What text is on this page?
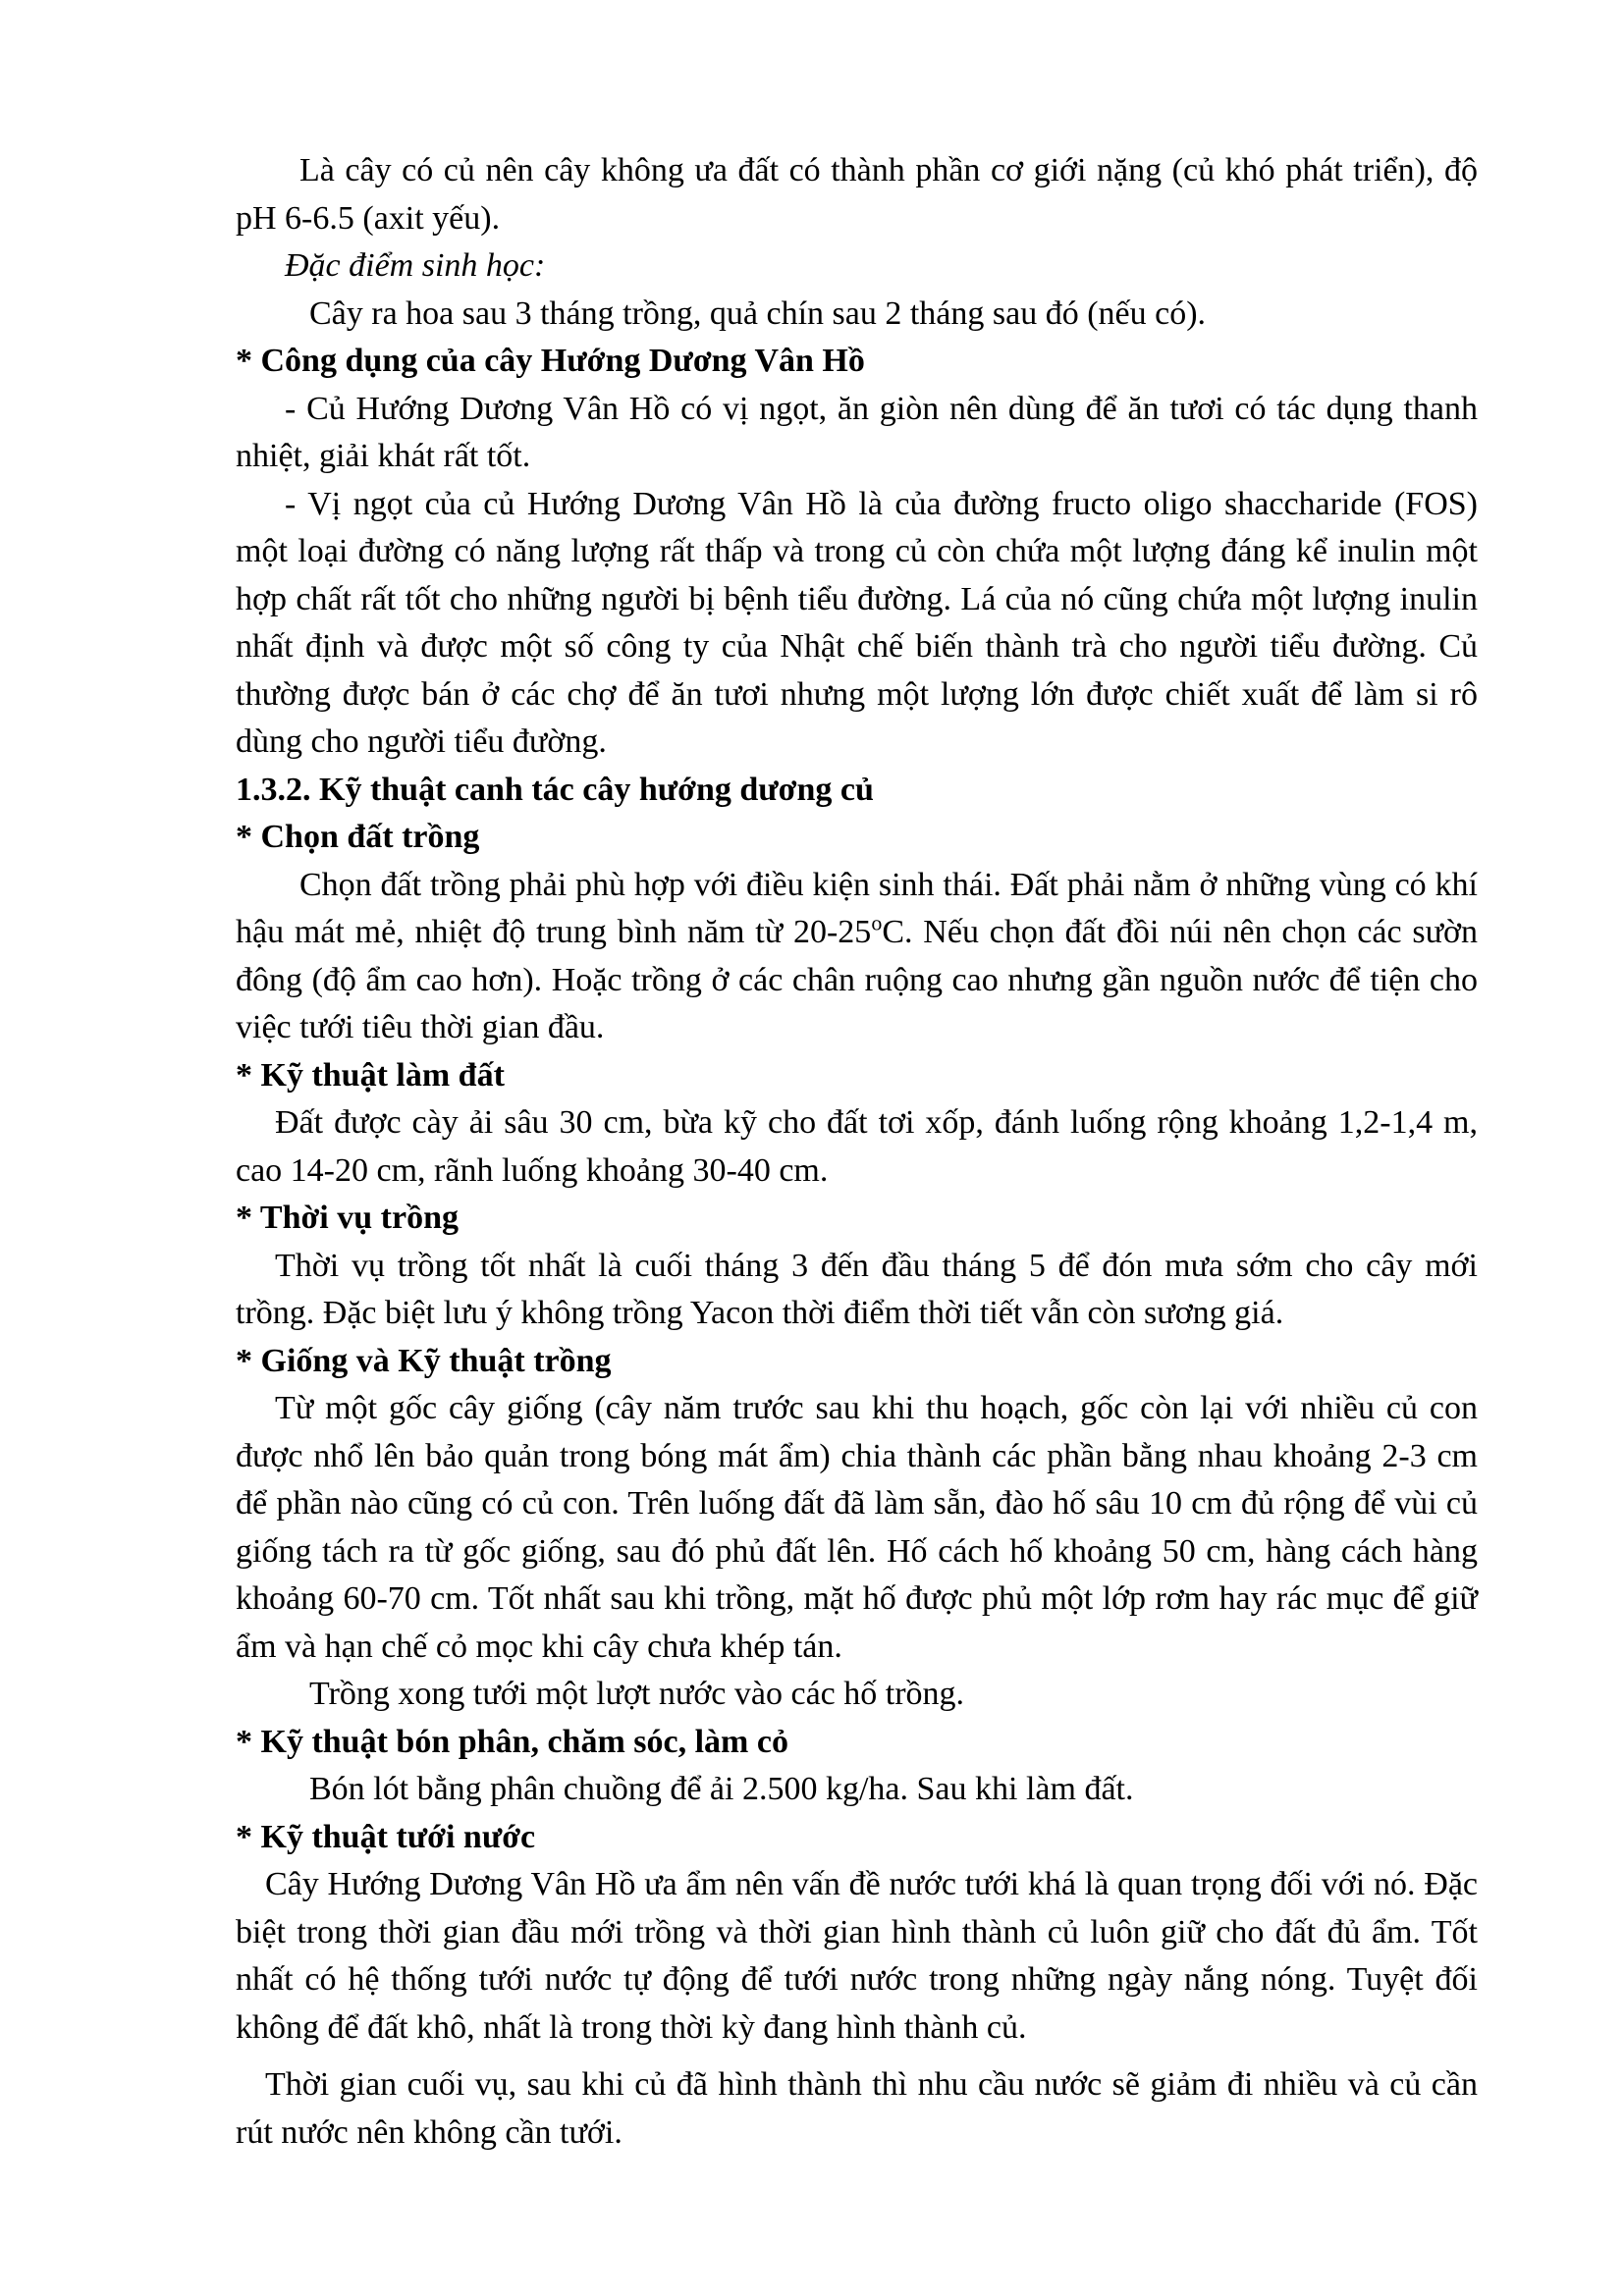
Là cây có củ nên cây không ưa đất có thành phần cơ giới nặng (củ khó phát triển), độ pH 6-6.5 (axit yếu).

Đặc điểm sinh học:

Cây ra hoa sau 3 tháng trồng, quả chín sau 2 tháng sau đó (nếu có).

* Công dụng của cây Hướng Dương Vân Hồ

- Củ Hướng Dương Vân Hồ có vị ngọt, ăn giòn nên dùng để ăn tươi có tác dụng thanh nhiệt, giải khát rất tốt.

- Vị ngọt của củ Hướng Dương Vân Hồ là của đường fructo oligo shaccharide (FOS) một loại đường có năng lượng rất thấp và trong củ còn chứa một lượng đáng kể inulin một hợp chất rất tốt cho những người bị bệnh tiểu đường. Lá của nó cũng chứa một lượng inulin nhất định và được một số công ty của Nhật chế biến thành trà cho người tiểu đường. Củ thường được bán ở các chợ để ăn tươi nhưng một lượng lớn được chiết xuất để làm si rô dùng cho người tiểu đường.

1.3.2. Kỹ thuật canh tác cây hướng dương củ

* Chọn đất trồng

Chọn đất trồng phải phù hợp với điều kiện sinh thái. Đất phải nằm ở những vùng có khí hậu mát mẻ, nhiệt độ trung bình năm từ 20-25$^o$C. Nếu chọn đất đồi núi nên chọn các sườn đông (độ ẩm cao hơn). Hoặc trồng ở các chân ruộng cao nhưng gần nguồn nước để tiện cho việc tưới tiêu thời gian đầu.

* Kỹ thuật làm đất

Đất được cày ải sâu 30 cm, bừa kỹ cho đất tơi xốp, đánh luống rộng khoảng 1,2-1,4 m, cao 14-20 cm, rãnh luống khoảng 30-40 cm.

* Thời vụ trồng

Thời vụ trồng tốt nhất là cuối tháng 3 đến đầu tháng 5 để đón mưa sớm cho cây mới trồng. Đặc biệt lưu ý không trồng Yacon thời điểm thời tiết vẫn còn sương giá.

* Giống và Kỹ thuật trồng

Từ một gốc cây giống (cây năm trước sau khi thu hoạch, gốc còn lại với nhiều củ con được nhổ lên bảo quản trong bóng mát ẩm) chia thành các phần bằng nhau khoảng 2-3 cm để phần nào cũng có củ con. Trên luống đất đã làm sẵn, đào hố sâu 10 cm đủ rộng để vùi củ giống tách ra từ gốc giống, sau đó phủ đất lên. Hố cách hố khoảng 50 cm, hàng cách hàng khoảng 60-70 cm. Tốt nhất sau khi trồng, mặt hố được phủ một lớp rơm hay rác mục để giữ ẩm và hạn chế cỏ mọc khi cây chưa khép tán.

Trồng xong tưới một lượt nước vào các hố trồng.

* Kỹ thuật bón phân, chăm sóc, làm cỏ

Bón lót bằng phân chuồng để ải 2.500 kg/ha. Sau khi làm đất.

* Kỹ thuật tưới nước

Cây Hướng Dương Vân Hồ ưa ẩm nên vấn đề nước tưới khá là quan trọng đối với nó. Đặc biệt trong thời gian đầu mới trồng và thời gian hình thành củ luôn giữ cho đất đủ ẩm. Tốt nhất có hệ thống tưới nước tự động để tưới nước trong những ngày nắng nóng. Tuyệt đối không để đất khô, nhất là trong thời kỳ đang hình thành củ.

Thời gian cuối vụ, sau khi củ đã hình thành thì nhu cầu nước sẽ giảm đi nhiều và củ cần rút nước nên không cần tưới.
